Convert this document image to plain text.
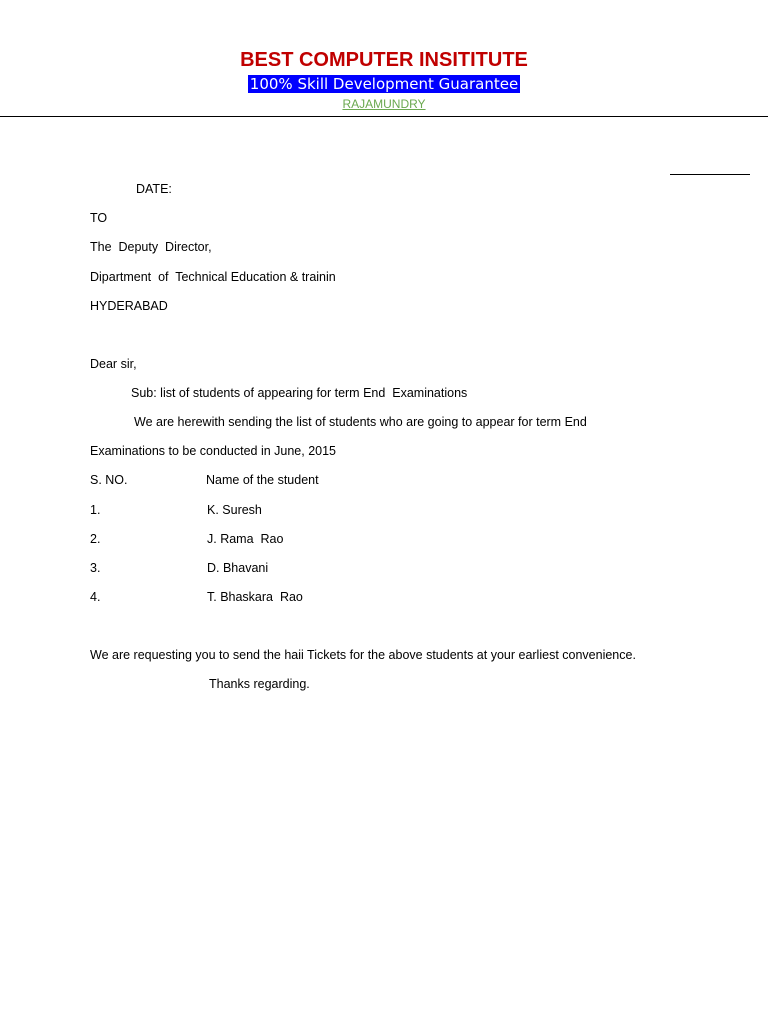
BEST COMPUTER INSITITUTE
100% Skill Development Guarantee
RAJAMUNDRY
DATE:
TO
The  Deputy  Director,
Dipartment  of  Technical Education & trainin
HYDERABAD
Dear sir,
Sub: list of students of appearing for term End  Examinations
We are herewith sending the list of students who are going to appear for term End
Examinations to be conducted in June, 2015
S. NO.	Name of the student
1.	K. Suresh
2.	J. Rama  Rao
3.	D. Bhavani
4.	T. Bhaskara  Rao
We are requesting you to send the haii Tickets for the above students at your earliest convenience.
Thanks regarding.
